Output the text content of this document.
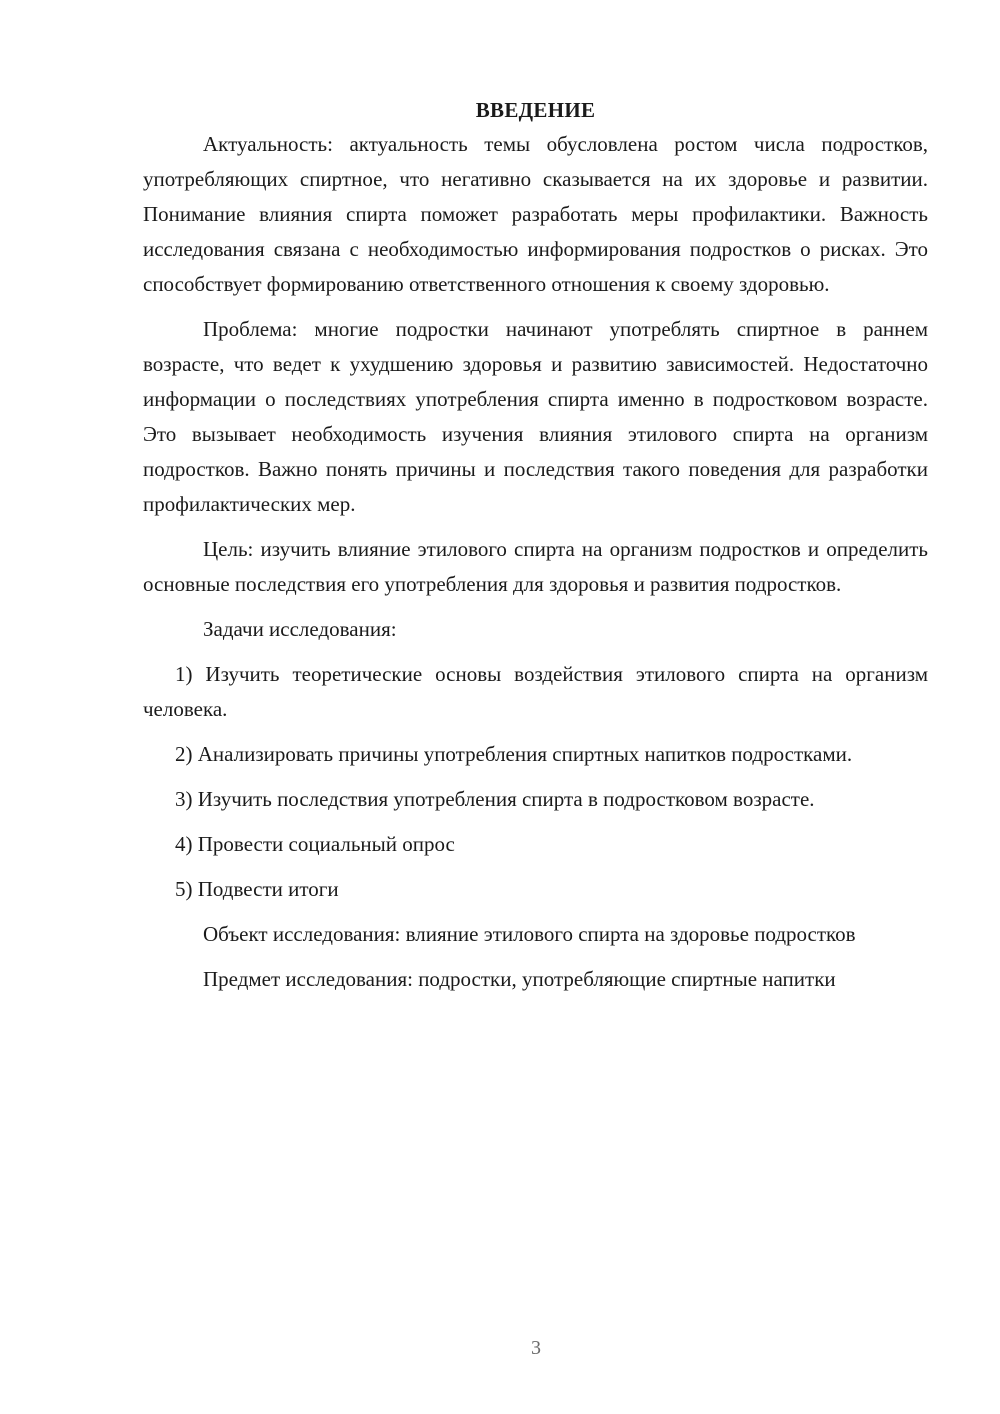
ВВЕДЕНИЕ

Актуальность: актуальность темы обусловлена ростом числа подростков, употребляющих спиртное, что негативно сказывается на их здоровье и развитии. Понимание влияния спирта поможет разработать меры профилактики. Важность исследования связана с необходимостью информирования подростков о рисках. Это способствует формированию ответственного отношения к своему здоровью.

Проблема: многие подростки начинают употреблять спиртное в раннем возрасте, что ведет к ухудшению здоровья и развитию зависимостей. Недостаточно информации о последствиях употребления спирта именно в подростковом возрасте. Это вызывает необходимость изучения влияния этилового спирта на организм подростков. Важно понять причины и последствия такого поведения для разработки профилактических мер.

Цель: изучить влияние этилового спирта на организм подростков и определить основные последствия его употребления для здоровья и развития подростков.

Задачи исследования:

1) Изучить теоретические основы воздействия этилового спирта на организм человека.

2) Анализировать причины употребления спиртных напитков подростками.

3) Изучить последствия употребления спирта в подростковом возрасте.

4) Провести социальный опрос

5) Подвести итоги

Объект исследования: влияние этилового спирта на здоровье подростков

Предмет исследования: подростки, употребляющие спиртные напитки

3
